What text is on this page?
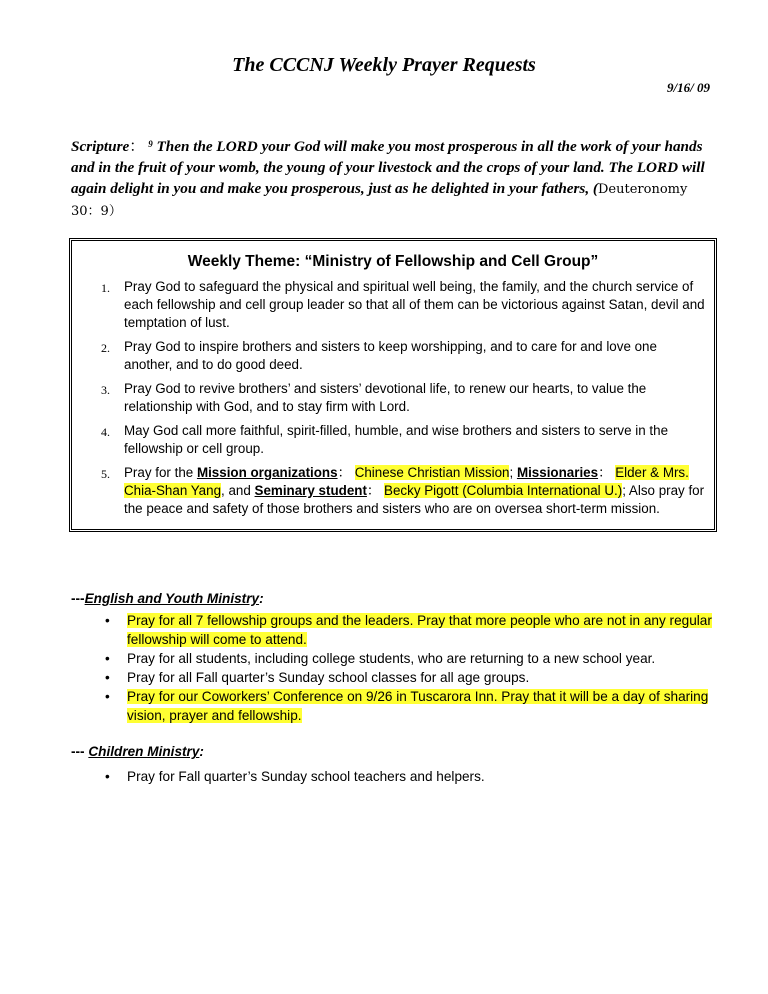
The CCCNJ Weekly Prayer Requests
9/16/ 09
Scripture： $^9$ Then the LORD your God will make you most prosperous in all the work of your hands and in the fruit of your womb, the young of your livestock and the crops of your land. The LORD will again delight in you and make you prosperous, just as he delighted in your fathers, (Deuteronomy　30：9）
Weekly Theme: “Ministry of Fellowship and Cell Group”
1. Pray God to safeguard the physical and spiritual well being, the family, and the church service of each fellowship and cell group leader so that all of them can be victorious against Satan, devil and temptation of lust.
2. Pray God to inspire brothers and sisters to keep worshipping, and to care for and love one another, and to do good deed.
3. Pray God to revive brothers’ and sisters’ devotional life, to renew our hearts, to value the relationship with God, and to stay firm with Lord.
4. May God call more faithful, spirit-filled, humble, and wise brothers and sisters to serve in the fellowship or cell group.
5. Pray for the Mission organizations： Chinese Christian Mission; Missionaries： Elder & Mrs. Chia-Shan Yang, and Seminary student： Becky Pigott (Columbia International U.); Also pray for the peace and safety of those brothers and sisters who are on oversea short-term mission.
---English and Youth Ministry:
• Pray for all 7 fellowship groups and the leaders. Pray that more people who are not in any regular fellowship will come to attend.
• Pray for all students, including college students, who are returning to a new school year.
• Pray for all Fall quarter’s Sunday school classes for all age groups.
• Pray for our Coworkers’ Conference on 9/26 in Tuscarora Inn. Pray that it will be a day of sharing vision, prayer and fellowship.
--- Children Ministry:
• Pray for Fall quarter’s Sunday school teachers and helpers.
